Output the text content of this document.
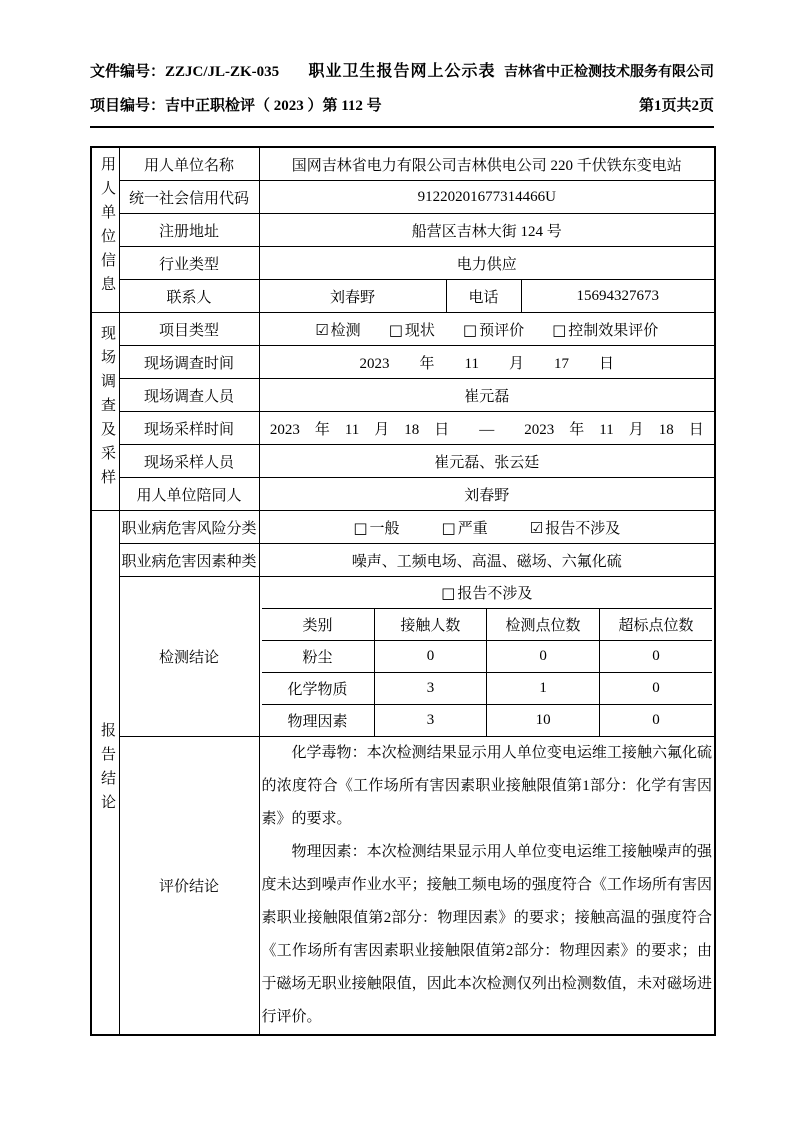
文件编号：ZZJC/JL-ZK-035	职业卫生报告网上公示表 吉林省中正检测技术服务有限公司
项目编号：吉中正职检评（ 2023 ）第 112 号	第1页共2页
用人单位信息	用人单位名称	国网吉林省电力有限公司吉林供电公司 220 千伏铁东变电站
统一社会信用代码	91220201677314466U
注册地址	船营区吉林大街 124 号
行业类型	电力供应
联系人	刘春野	电话	15694327673
现场调查及采样	项目类型	☑ 检测 □ 现状 □ 预评价 □ 控制效果评价

现场调查时间	2023　　年　　11　　月　　17　　日
现场调查人员	崔元磊
现场采样时间	2023　年　11　月　18　日　　—　　2023　年　11　月　18　日
现场采样人员	崔元磊、张云廷
用人单位陪同人	刘春野
报告结论	职业病危害风险分类	□ 一般	□ 严重	☑ 报告不涉及

职业病危害因素种类	噪声、工频电场、高温、磁场、六氟化硫
检测结论	
□ 报告不涉及
类别	接触人数	检测点位数	超标点位数
粉尘	0	0	0
化学物质	3	1	0
物理因素	3	10	0

评价结论	

化学毒物：本次检测结果显示用人单位变电运维工接触六氟化硫的浓度符合《工作场所有害因素职业接触限值第1部分：化学有害因素》的要求。

物理因素：本次检测结果显示用人单位变电运维工接触噪声的强度未达到噪声作业水平；接触工频电场的强度符合《工作场所有害因素职业接触限值第2部分：物理因素》的要求；接触高温的强度符合《工作场所有害因素职业接触限值第2部分：物理因素》的要求；由于磁场无职业接触限值，因此本次检测仅列出检测数值，未对磁场进行评价。
